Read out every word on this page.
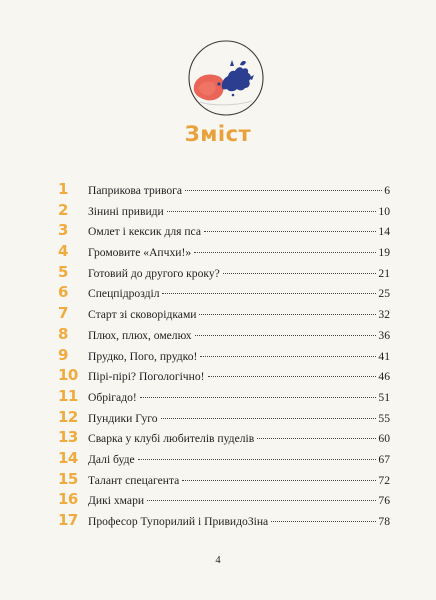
Зміст
1	Паприкова тривога	6
2	Зінині привиди	10
3	Омлет і кексик для пса	14
4	Громовите «Апчхи!»	19
5	Готовий до другого кроку?	21
6	Спецпідрозділ	25
7	Старт зі сковорідками	32
8	Плюх, плюх, омелюх	36
9	Прудко, Пого, прудко!	41
10 Пірі-пірі? Погологічно!	46
11 Обрігадо!	51
12 Пундики Гуго	55
13 Сварка у клубі любителів пуделів	60
14 Далі буде	67
15 Талант спецагента	72
16 Дикі хмари	76
17 Професор Тупорилий і ПривидоЗіна	78
4
